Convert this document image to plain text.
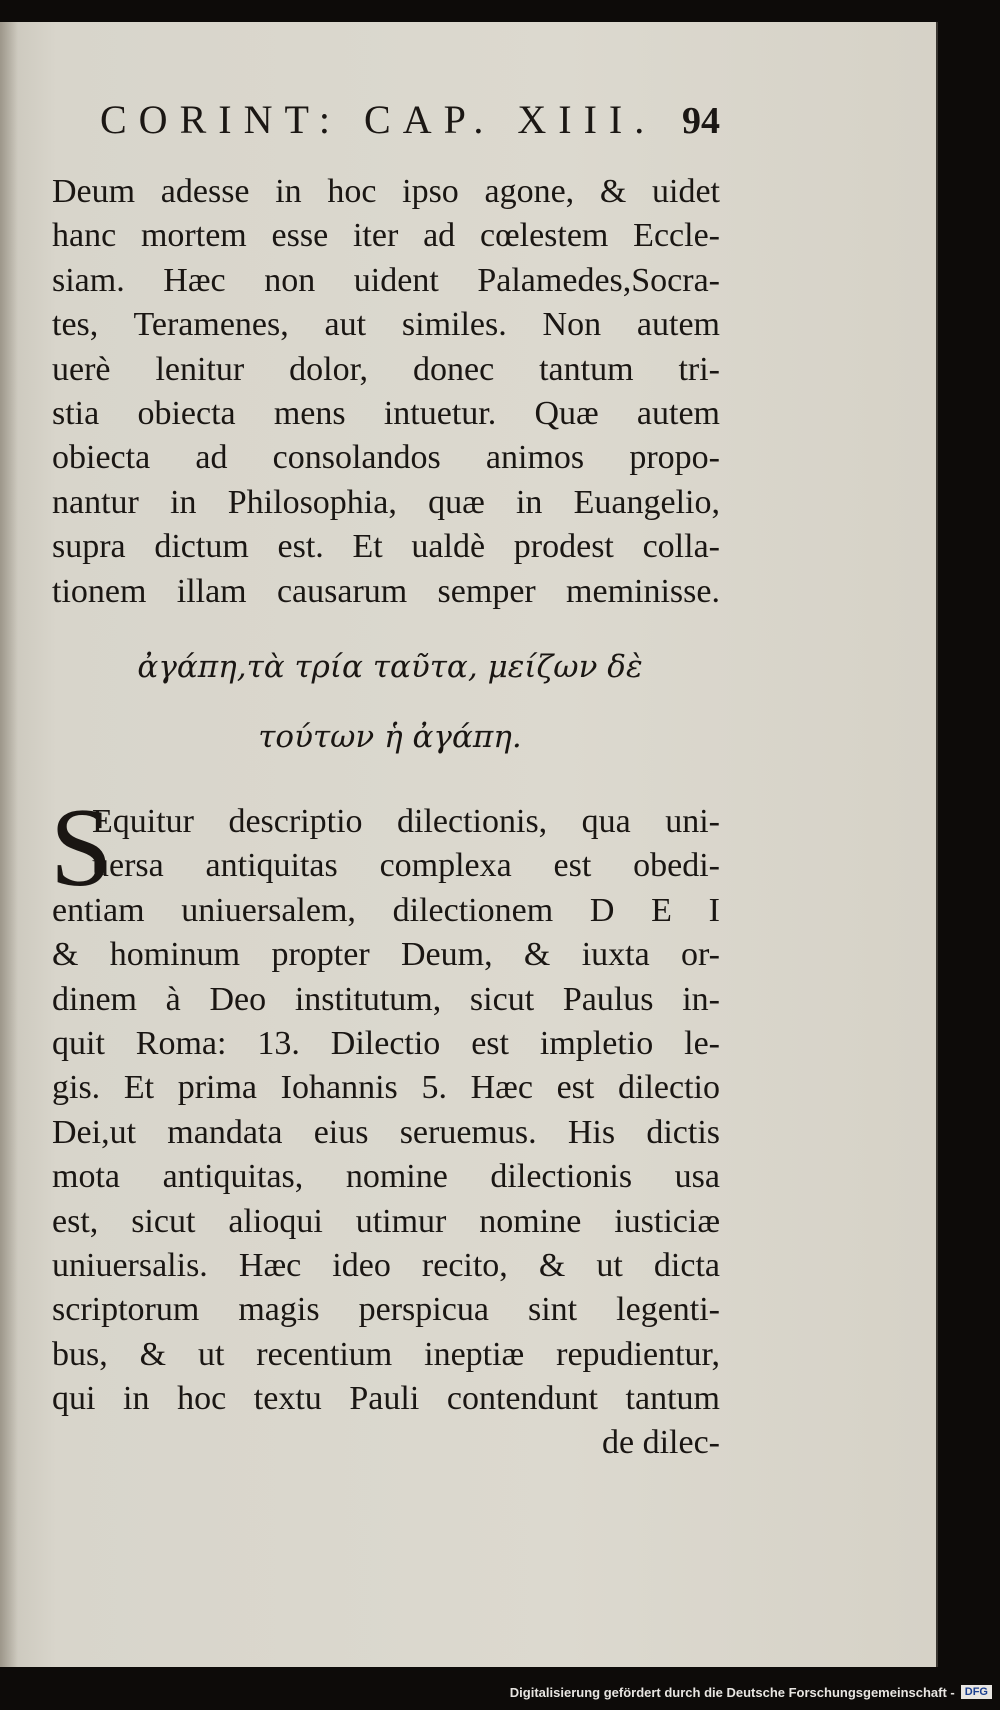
CORINT: CAP. XIII. 94
Deum adesse in hoc ipso agone, & uidet
hanc mortem esse iter ad cœlestem Eccle-
siam. Hæc non uident Palamedes,Socra-
tes, Teramenes, aut similes. Non autem
uerè lenitur dolor, donec tantum tri-
stia obiecta mens intuetur. Quæ autem
obiecta ad consolandos animos propo-
nantur in Philosophia, quæ in Euangelio,
supra dictum est. Et ualdè prodest colla-
tionem illam causarum semper meminisse.
ἀγάπη,τὰ τρία ταῦτα, μείζων δὲ
τούτων ἡ ἀγάπη.
S
Equitur descriptio dilectionis, qua uni-
uersa antiquitas complexa est obedi-
entiam uniuersalem, dilectionem D E I
& hominum propter Deum, & iuxta or-
dinem à Deo institutum, sicut Paulus in-
quit Roma: 13. Dilectio est impletio le-
gis. Et prima Iohannis 5. Hæc est dilectio
Dei,ut mandata eius seruemus. His dictis
mota antiquitas, nomine dilectionis usa
est, sicut alioqui utimur nomine iusticiæ
uniuersalis. Hæc ideo recito, & ut dicta
scriptorum magis perspicua sint legenti-
bus, & ut recentium ineptiæ repudientur,
qui in hoc textu Pauli contendunt tantum
de dilec-
Digitalisierung gefördert durch die Deutsche Forschungsgemeinschaft - DFG
